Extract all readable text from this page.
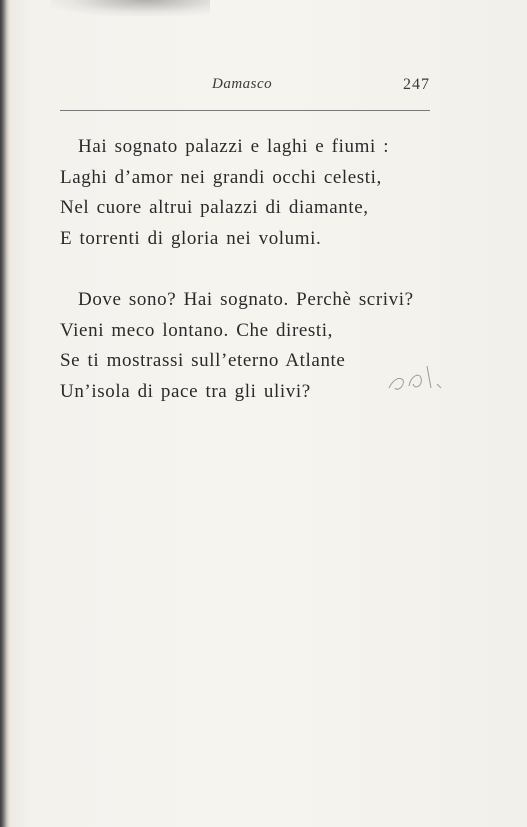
Damasco	247
Hai sognato palazzi e laghi e fiumi :
Laghi d’amor nei grandi occhi celesti,
Nel cuore altrui palazzi di diamante,
E torrenti di gloria nei volumi.
Dove sono? Hai sognato. Perchè scrivi?
Vieni meco lontano. Che diresti,
Se ti mostrassi sull’eterno Atlante
Un’isola di pace tra gli ulivi?
